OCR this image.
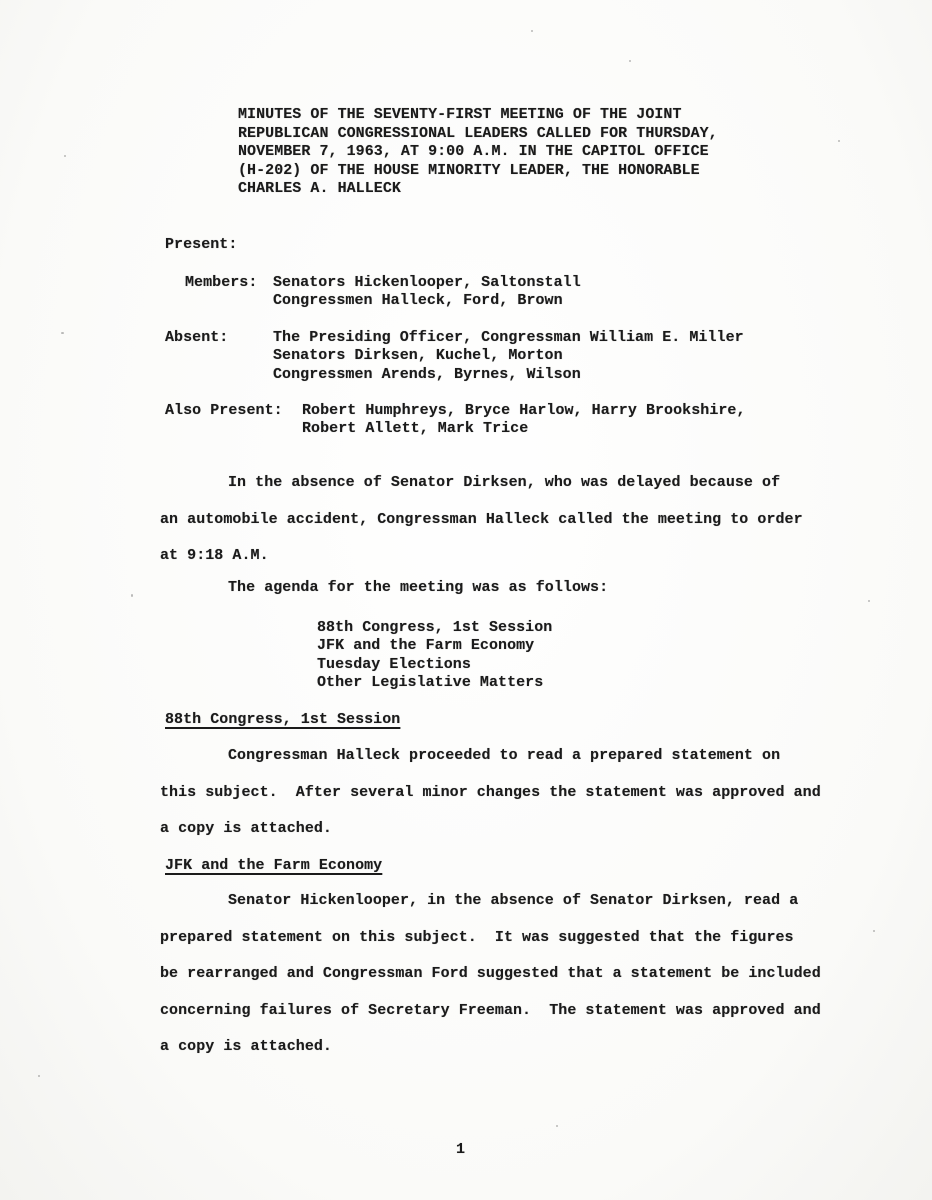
MINUTES OF THE SEVENTY-FIRST MEETING OF THE JOINT
REPUBLICAN CONGRESSIONAL LEADERS CALLED FOR THURSDAY,
NOVEMBER 7, 1963, AT 9:00 A.M. IN THE CAPITOL OFFICE
(H-202) OF THE HOUSE MINORITY LEADER, THE HONORABLE
CHARLES A. HALLECK
Present:
Members: Senators Hickenlooper, Saltonstall
Congressmen Halleck, Ford, Brown
Absent:	The Presiding Officer, Congressman William E. Miller
Senators Dirksen, Kuchel, Morton
Congressmen Arends, Byrnes, Wilson
Also Present: Robert Humphreys, Bryce Harlow, Harry Brookshire,
Robert Allett, Mark Trice
In the absence of Senator Dirksen, who was delayed because of
an automobile accident, Congressman Halleck called the meeting to order
at 9:18 A.M.
The agenda for the meeting was as follows:
88th Congress, 1st Session
JFK and the Farm Economy
Tuesday Elections
Other Legislative Matters
88th Congress, 1st Session
Congressman Halleck proceeded to read a prepared statement on
this subject.  After several minor changes the statement was approved and
a copy is attached.
JFK and the Farm Economy
Senator Hickenlooper, in the absence of Senator Dirksen, read a
prepared statement on this subject.  It was suggested that the figures
be rearranged and Congressman Ford suggested that a statement be included
concerning failures of Secretary Freeman.  The statement was approved and
a copy is attached.
1
